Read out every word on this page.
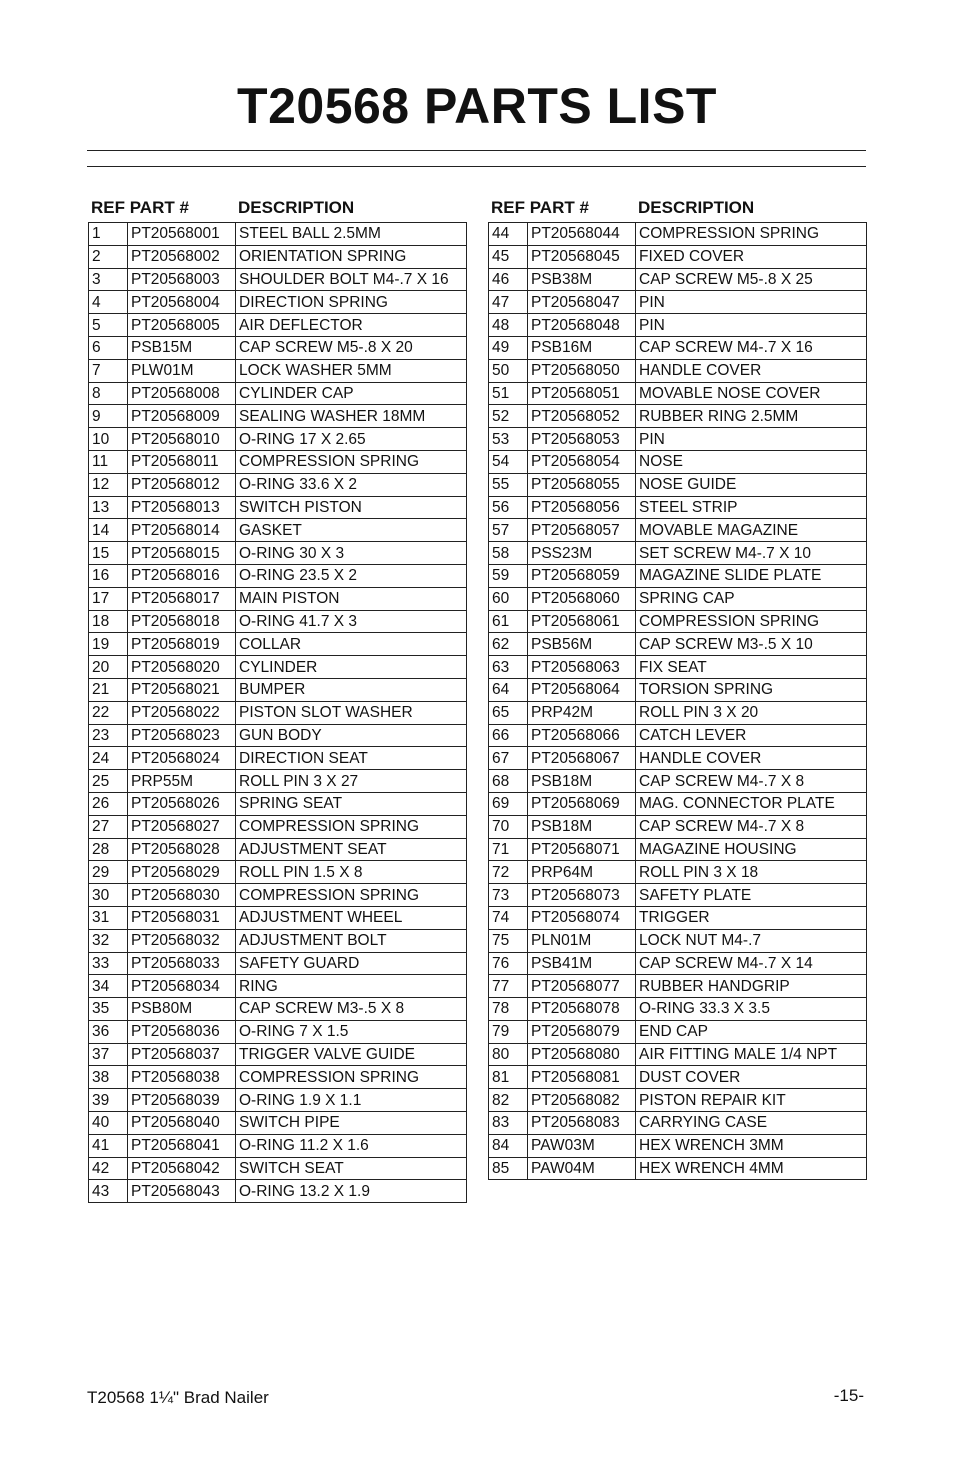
T20568 PARTS LIST
REF PART #	DESCRIPTION
1	PT20568001	STEEL BALL 2.5MM
2	PT20568002	ORIENTATION SPRING
3	PT20568003	SHOULDER BOLT M4-.7 X 16
4	PT20568004	DIRECTION SPRING
5	PT20568005	AIR DEFLECTOR
6	PSB15M	CAP SCREW M5-.8 X 20
7	PLW01M	LOCK WASHER 5MM
8	PT20568008	CYLINDER CAP
9	PT20568009	SEALING WASHER 18MM
10	PT20568010	O-RING 17 X 2.65
11	PT20568011	COMPRESSION SPRING
12	PT20568012	O-RING 33.6 X 2
13	PT20568013	SWITCH PISTON
14	PT20568014	GASKET
15	PT20568015	O-RING 30 X 3
16	PT20568016	O-RING 23.5 X 2
17	PT20568017	MAIN PISTON
18	PT20568018	O-RING 41.7 X 3
19	PT20568019	COLLAR
20	PT20568020	CYLINDER
21	PT20568021	BUMPER
22	PT20568022	PISTON SLOT WASHER
23	PT20568023	GUN BODY
24	PT20568024	DIRECTION SEAT
25	PRP55M	ROLL PIN 3 X 27
26	PT20568026	SPRING SEAT
27	PT20568027	COMPRESSION SPRING
28	PT20568028	ADJUSTMENT SEAT
29	PT20568029	ROLL PIN 1.5 X 8
30	PT20568030	COMPRESSION SPRING
31	PT20568031	ADJUSTMENT WHEEL
32	PT20568032	ADJUSTMENT BOLT
33	PT20568033	SAFETY GUARD
34	PT20568034	RING
35	PSB80M	CAP SCREW M3-.5 X 8
36	PT20568036	O-RING 7 X 1.5
37	PT20568037	TRIGGER VALVE GUIDE
38	PT20568038	COMPRESSION SPRING
39	PT20568039	O-RING 1.9 X 1.1
40	PT20568040	SWITCH PIPE
41	PT20568041	O-RING 11.2 X 1.6
42	PT20568042	SWITCH SEAT
43	PT20568043	O-RING 13.2 X 1.9
REF PART #	DESCRIPTION
44	PT20568044	COMPRESSION SPRING
45	PT20568045	FIXED COVER
46	PSB38M	CAP SCREW M5-.8 X 25
47	PT20568047	PIN
48	PT20568048	PIN
49	PSB16M	CAP SCREW M4-.7 X 16
50	PT20568050	HANDLE COVER
51	PT20568051	MOVABLE NOSE COVER
52	PT20568052	RUBBER RING 2.5MM
53	PT20568053	PIN
54	PT20568054	NOSE
55	PT20568055	NOSE GUIDE
56	PT20568056	STEEL STRIP
57	PT20568057	MOVABLE MAGAZINE
58	PSS23M	SET SCREW M4-.7 X 10
59	PT20568059	MAGAZINE SLIDE PLATE
60	PT20568060	SPRING CAP
61	PT20568061	COMPRESSION SPRING
62	PSB56M	CAP SCREW M3-.5 X 10
63	PT20568063	FIX SEAT
64	PT20568064	TORSION SPRING
65	PRP42M	ROLL PIN 3 X 20
66	PT20568066	CATCH LEVER
67	PT20568067	HANDLE COVER
68	PSB18M	CAP SCREW M4-.7 X 8
69	PT20568069	MAG. CONNECTOR PLATE
70	PSB18M	CAP SCREW M4-.7 X 8
71	PT20568071	MAGAZINE HOUSING
72	PRP64M	ROLL PIN 3 X 18
73	PT20568073	SAFETY PLATE
74	PT20568074	TRIGGER
75	PLN01M	LOCK NUT M4-.7
76	PSB41M	CAP SCREW M4-.7 X 14
77	PT20568077	RUBBER HANDGRIP
78	PT20568078	O-RING 33.3 X 3.5
79	PT20568079	END CAP
80	PT20568080	AIR FITTING MALE 1/4 NPT
81	PT20568081	DUST COVER
82	PT20568082	PISTON REPAIR KIT
83	PT20568083	CARRYING CASE
84	PAW03M	HEX WRENCH 3MM
85	PAW04M	HEX WRENCH 4MM
T20568 1¼" Brad Nailer	-15-
